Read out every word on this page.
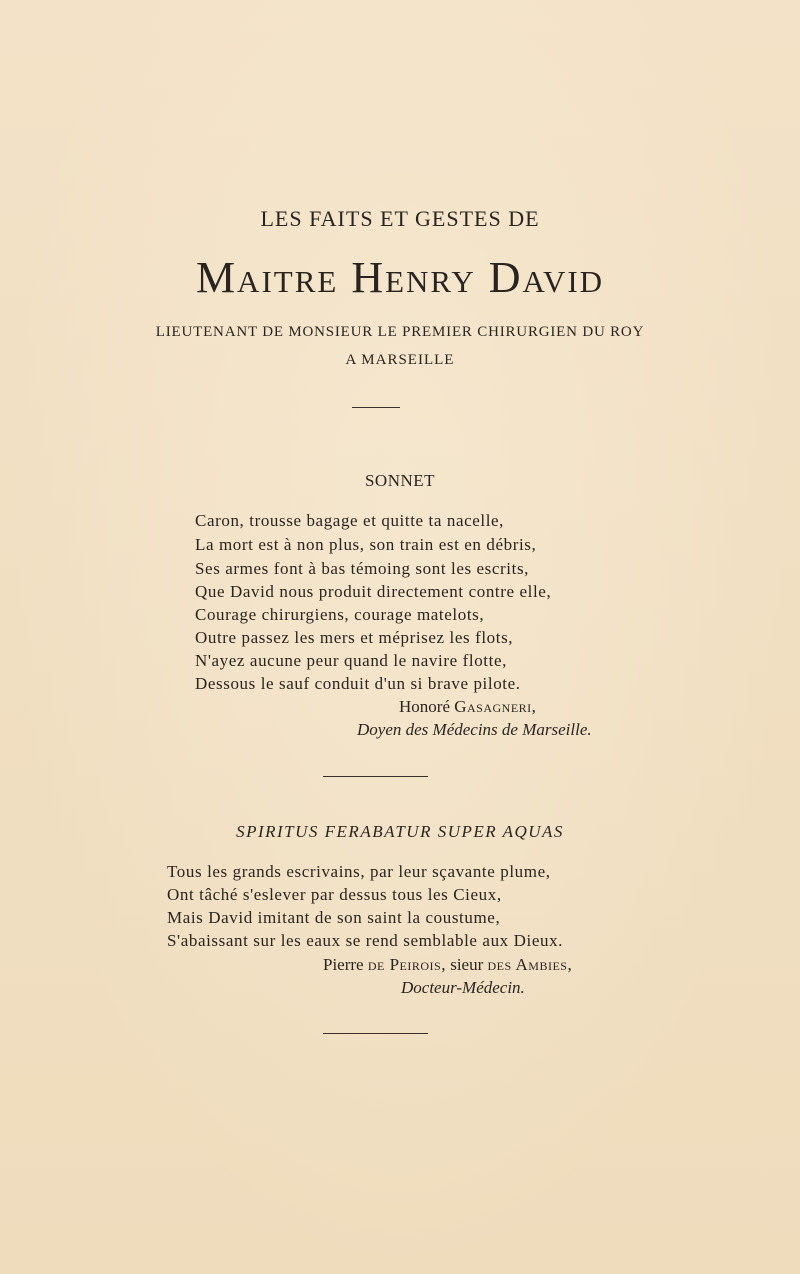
LES FAITS ET GESTES DE
Maitre Henry David
LIEUTENANT DE MONSIEUR LE PREMIER CHIRURGIEN DU ROY
A MARSEILLE
SONNET
Caron, trousse bagage et quitte ta nacelle,
La mort est à non plus, son train est en débris,
Ses armes font à bas témoing sont les escrits,
Que David nous produit directement contre elle,
Courage chirurgiens, courage matelots,
Outre passez les mers et méprisez les flots,
N'ayez aucune peur quand le navire flotte,
Dessous le sauf conduit d'un si brave pilote.
Honoré Gasagneri,
Doyen des Médecins de Marseille.
SPIRITUS FERABATUR SUPER AQUAS
Tous les grands escrivains, par leur sçavante plume,
Ont tâché s'eslever par dessus tous les Cieux,
Mais David imitant de son saint la coustume,
S'abaissant sur les eaux se rend semblable aux Dieux.
Pierre de Peirois, sieur des Ambies,
Docteur-Médecin.
